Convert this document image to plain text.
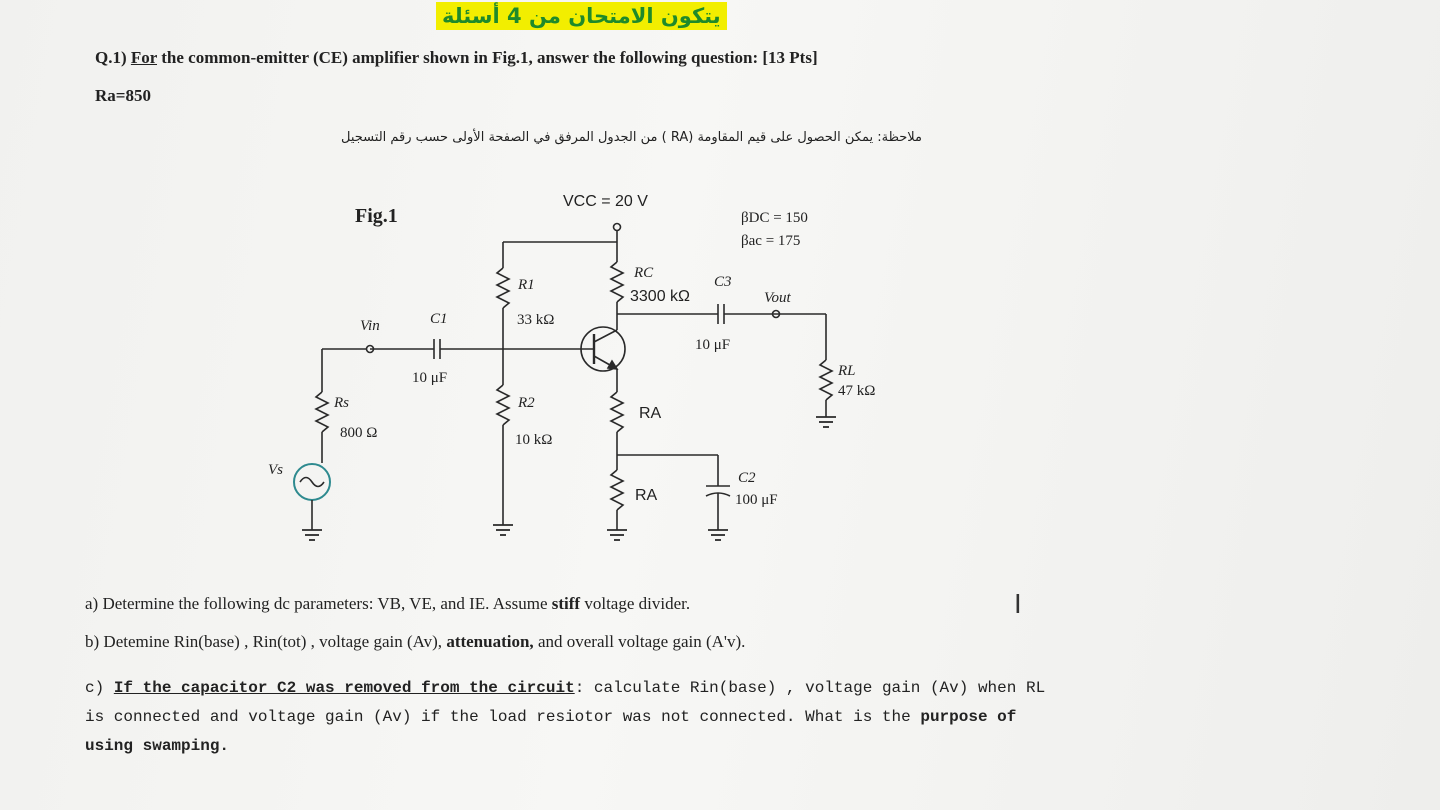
يتكون الامتحان من 4 أسئلة
Q.1) For the common-emitter (CE) amplifier shown in Fig.1, answer the following question: [13 Pts]
Ra=850
ملاحظة: يمكن الحصول على قيم المقاومة (RA ) من الجدول المرفق في الصفحة الأولى حسب رقم التسجيل
Fig.1
VCC = 20 V
βDC = 150
βac = 175
R1
33 kΩ
RC
3300 kΩ
C3
10 μF
Vout
C1
10 μF
Vin
Rs
800 Ω
R2
10 kΩ
RA
RA
RL
47 kΩ
C2
100 μF
Vs
a) Determine the following dc parameters: VB, VE, and IE. Assume stiff voltage divider.
b) Detemine Rin(base) , Rin(tot) , voltage gain (Av), attenuation, and overall voltage gain (A'v).
c) If the capacitor C2 was removed from the circuit: calculate Rin(base) , voltage gain (Av) when RL is connected and voltage gain (Av) if the load resiotor was not connected. What is the purpose of using swamping.
I
